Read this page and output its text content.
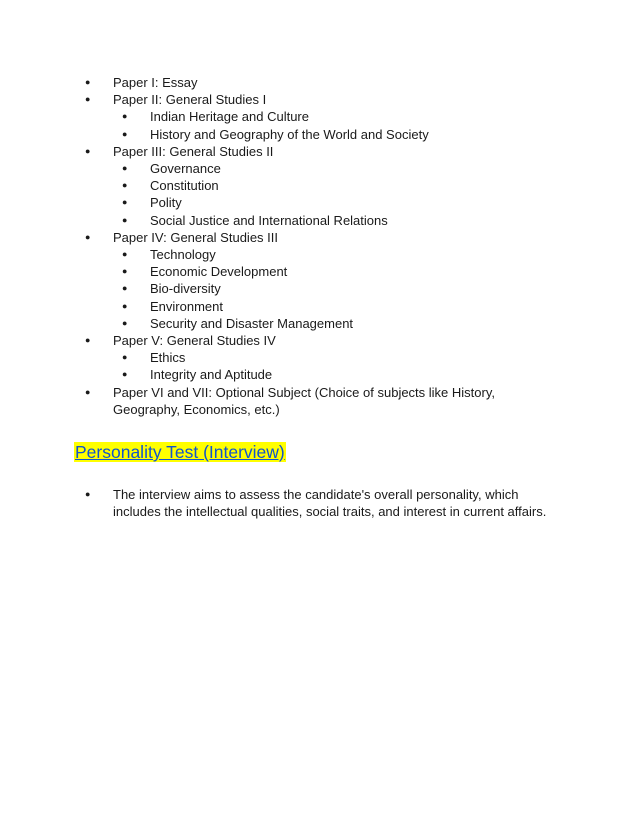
● Paper I: Essay
● Paper II: General Studies I
● Indian Heritage and Culture
● History and Geography of the World and Society
● Paper III: General Studies II
● Governance
● Constitution
● Polity
● Social Justice and International Relations
● Paper IV: General Studies III
● Technology
● Economic Development
● Bio-diversity
● Environment
● Security and Disaster Management
● Paper V: General Studies IV
● Ethics
● Integrity and Aptitude
● Paper VI and VII: Optional Subject (Choice of subjects like History, Geography, Economics, etc.)
Personality Test (Interview)
● The interview aims to assess the candidate's overall personality, which includes the intellectual qualities, social traits, and interest in current affairs.
